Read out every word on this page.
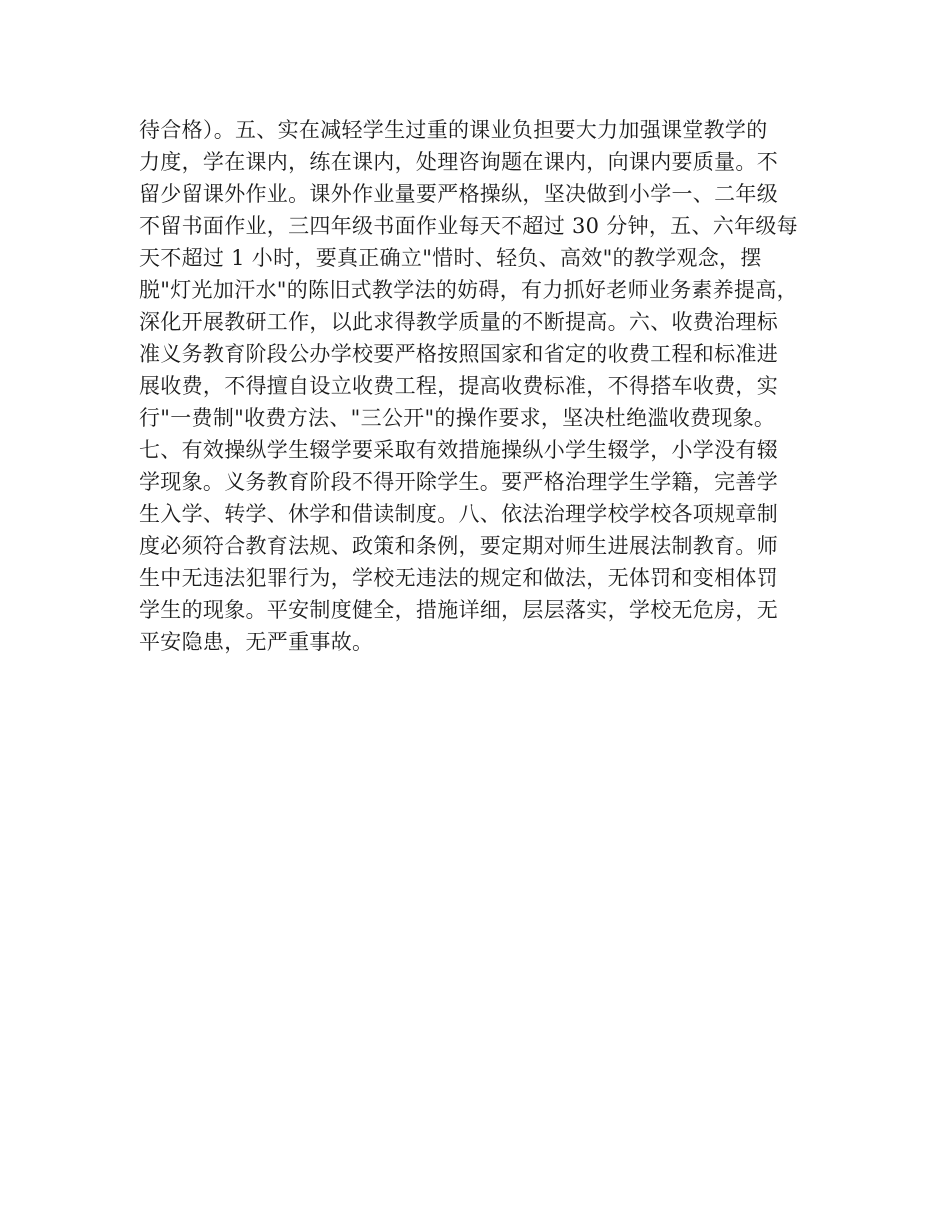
待合格）。五、实在减轻学生过重的课业负担要大力加强课堂教学的
力度，学在课内，练在课内，处理咨询题在课内，向课内要质量。不
留少留课外作业。课外作业量要严格操纵，坚决做到小学一、二年级
不留书面作业，三四年级书面作业每天不超过 30 分钟，五、六年级每
天不超过 1 小时，要真正确立"惜时、轻负、高效"的教学观念，摆
脱"灯光加汗水"的陈旧式教学法的妨碍，有力抓好老师业务素养提高，
深化开展教研工作，以此求得教学质量的不断提高。六、收费治理标
准义务教育阶段公办学校要严格按照国家和省定的收费工程和标准进
展收费，不得擅自设立收费工程，提高收费标准，不得搭车收费，实
行"一费制"收费方法、"三公开"的操作要求，坚决杜绝滥收费现象。
七、有效操纵学生辍学要采取有效措施操纵小学生辍学，小学没有辍
学现象。义务教育阶段不得开除学生。要严格治理学生学籍，完善学
生入学、转学、休学和借读制度。八、依法治理学校学校各项规章制
度必须符合教育法规、政策和条例，要定期对师生进展法制教育。师
生中无违法犯罪行为，学校无违法的规定和做法，无体罚和变相体罚
学生的现象。平安制度健全，措施详细，层层落实，学校无危房，无
平安隐患，无严重事故。
